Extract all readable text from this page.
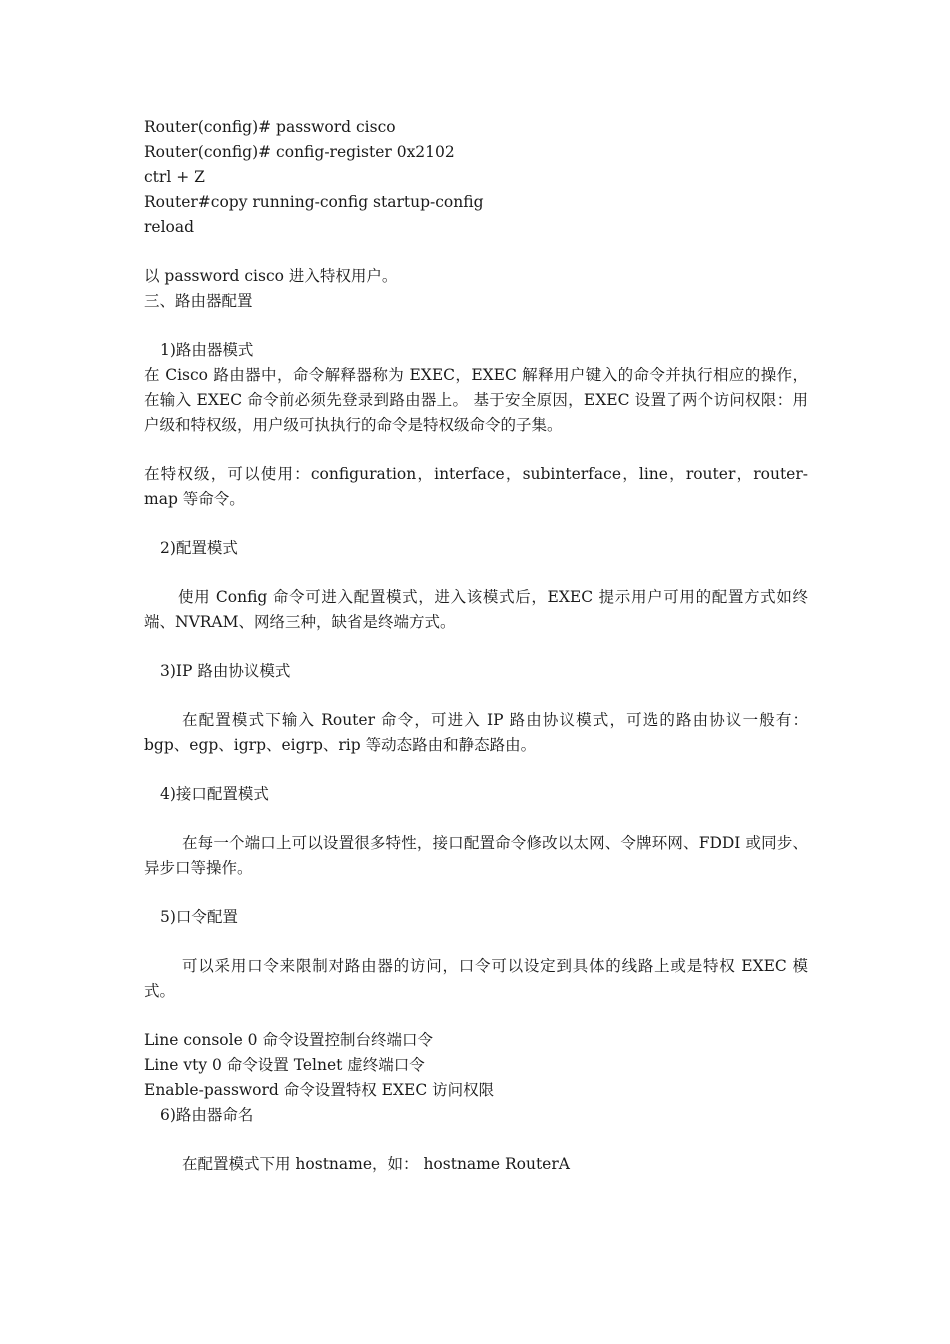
Router(config)# password cisco
Router(config)# config-register 0x2102
ctrl + Z
Router#copy running-config startup-config
reload
以 password cisco 进入特权用户。
三、路由器配置
1)路由器模式
在 Cisco 路由器中，命令解释器称为 EXEC，EXEC 解释用户键入的命令并执行相应的操作，在输入 EXEC 命令前必须先登录到路由器上。 基于安全原因，EXEC 设置了两个访问权限：用户级和特权级，用户级可执执行的命令是特权级命令的子集。
在特权级，可以使用：configuration，interface，subinterface，line，router，router-map 等命令。
2)配置模式
使用 Config 命令可进入配置模式，进入该模式后，EXEC 提示用户可用的配置方式如终端、NVRAM、网络三种，缺省是终端方式。
3)IP 路由协议模式
在配置模式下输入 Router 命令，可进入 IP 路由协议模式，可选的路由协议一般有：bgp、egp、igrp、eigrp、rip 等动态路由和静态路由。
4)接口配置模式
在每一个端口上可以设置很多特性，接口配置命令修改以太网、令牌环网、FDDI 或同步、异步口等操作。
5)口令配置
可以采用口令来限制对路由器的访问，口令可以设定到具体的线路上或是特权 EXEC 模式。
Line console 0 命令设置控制台终端口令
Line vty 0 命令设置 Telnet 虚终端口令
Enable-password 命令设置特权 EXEC 访问权限
6)路由器命名
在配置模式下用 hostname，如： hostname RouterA
